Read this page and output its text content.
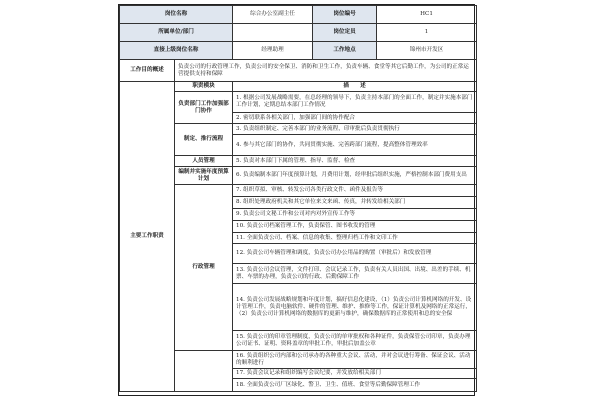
岗位名称		综合办公室副主任	岗位编号	HC1
所属单位/部门			岗位定员	1
直接上级岗位名称		经理助理	工作地点	锦州市开发区
工作目的概述	负责公司的行政管理工作，负责公司的安全保卫、消防和卫生工作，负责车辆、食堂等其它后勤工作，为公司的正常运营提供支持和保障			
主要工作职责	职责模块	描　　述		
	负责部门工作加强部门协作	1. 根据公司发展战略需要，在总经理的领导下，负责主持本部门的全面工作，制定并实施本部门工作计划，定期总结本部门工作情况		
		2. 密切联系各相关部门，加强部门间的协作配合		
	制定、推行流程	3. 负责组织制定、完善本部门的业务流程，印审批后负责贯彻执行		
		4. 参与其它部门的协作，共同贯彻实施、完善跨部门流程，提高整体管理效率		
	人员管理	5. 负责对本部门下属的管理、指导、监督、检查		
	编制并实施年度预算计划	6. 负责编制本部门年度预算计划，月费用计划，经审批后组织实施，严格控制本部门费用支出		
	行政管理	7. 组织草拟、审核、转发公司各类行政文件、函件及报告等		
		8. 组织处理政府机关和其它单位来文来函、传真，并转发给相关部门		
		9. 负责公司文秘工作和公司对内对外宣传工作等		
		10. 负责公司档案管理工作，负责保管、图书收发的管理		
		11. 全面负责公司、档案、信息的收集、整理归档工作和文印工作		
		12. 负责公司车辆管理和调度，负责公司办公用品的购置（审批后）和发放管理		
		13. 负责公司会议管理，文件打印、会议记录工作，负责有关人员出国、出境、出差的手续、机票、车票的办理，负责公司的行政、后勤保障工作		
		14. 负责公司发展战略规划和年度计划，搞好信息化建设，（1）负责公司计算机网络的开发、设计管理工作，负责电脑软件、硬件的管理、维护、推修等工作，保证计算机及网络的正常运行，（2）负责公司计算机网络的数据库的更新与维护，确保数据库的正常使用和总的安全保		
		15. 负责公司的印章管理制度，负责公司的单审批权和各种证件，负责保管公司印章，负责办理公司证书、证明、资料盖章的审批工作，审批后加盖公章		
		16. 负责组织公司内部和公司承办的各种重大会议、活动，并对会议进行筹备、保证会议、活动的顺利进行		
		17. 负责会议记录和组织编写会议纪要，并发放给相关部门		
		18. 全面负责公司厂区绿化、警卫、卫生、值班、食堂等后勤保障管理工作		
